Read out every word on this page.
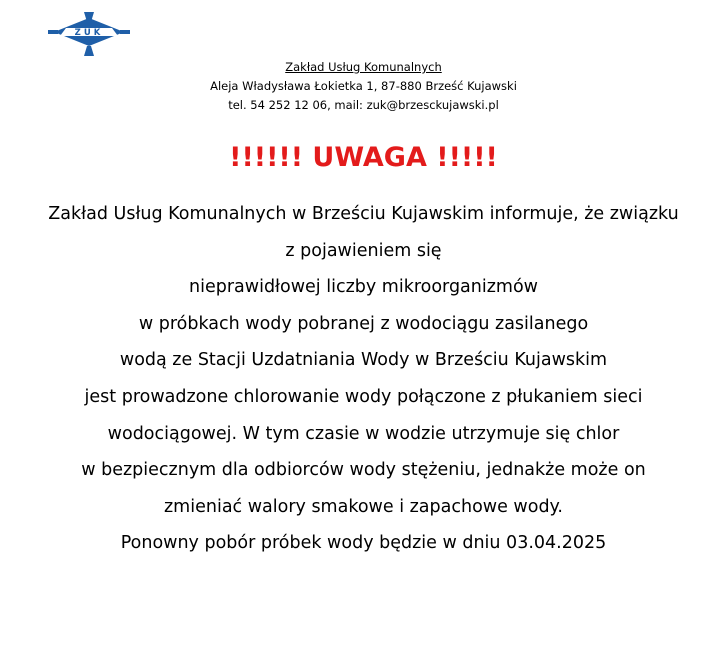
ZUK
Zakład Usług Komunalnych
Aleja Władysława Łokietka 1, 87-880 Brześć Kujawski
tel. 54 252 12 06, mail: zuk@brzesckujawski.pl
!!!!!! UWAGA !!!!!
Zakład Usług Komunalnych w Brześciu Kujawskim informuje, że związku
z pojawieniem się
nieprawidłowej liczby mikroorganizmów
w próbkach wody pobranej z wodociągu zasilanego
wodą ze Stacji Uzdatniania Wody w Brześciu Kujawskim
jest prowadzone chlorowanie wody połączone z płukaniem sieci
wodociągowej. W tym czasie w wodzie utrzymuje się chlor
w bezpiecznym dla odbiorców wody stężeniu, jednakże może on
zmieniać walory smakowe i zapachowe wody.
Ponowny pobór próbek wody będzie w dniu 03.04.2025
